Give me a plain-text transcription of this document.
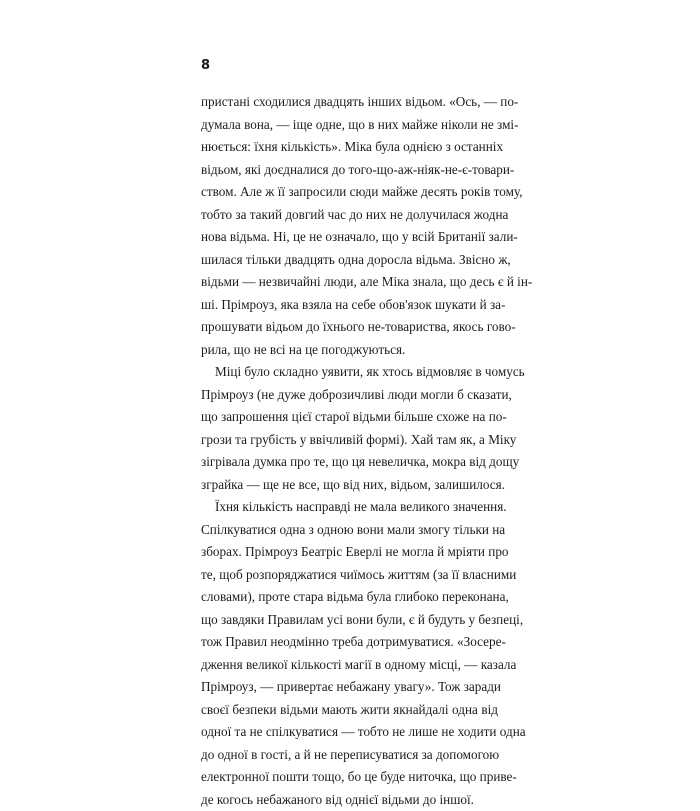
8
пристані сходилися двадцять інших відьом. «Ось, — по-
думала вона, — іще одне, що в них майже ніколи не змі-
нюється: їхня кількість». Міка була однією з останніх
відьом, які доєдналися до того-що-аж-ніяк-не-є-товари-
ством. Але ж її запросили сюди майже десять років тому,
тобто за такий довгий час до них не долучилася жодна
нова відьма. Ні, це не означало, що у всій Британії зали-
шилася тільки двадцять одна доросла відьма. Звісно ж,
відьми — незвичайні люди, але Міка знала, що десь є й ін-
ші. Прімроуз, яка взяла на себе обов'язок шукати й за-
прошувати відьом до їхнього не-товариства, якось гово-
рила, що не всі на це погоджуються.
Міці було складно уявити, як хтось відмовляє в чомусь
Прімроуз (не дуже доброзичливі люди могли б сказати,
що запрошення цієї старої відьми більше схоже на по-
грози та грубість у ввічливій формі). Хай там як, а Міку
зігрівала думка про те, що ця невеличка, мокра від дощу
зграйка — ще не все, що від них, відьом, залишилося.
Їхня кількість насправді не мала великого значення.
Спілкуватися одна з одною вони мали змогу тільки на
зборах. Прімроуз Беатріс Еверлі не могла й мріяти про
те, щоб розпоряджатися чиїмось життям (за її власними
словами), проте стара відьма була глибоко переконана,
що завдяки Правилам усі вони були, є й будуть у безпеці,
тож Правил неодмінно треба дотримуватися. «Зосере-
дження великої кількості магії в одному місці, — казала
Прімроуз, — привертає небажану увагу». Тож заради
своєї безпеки відьми мають жити якнайдалі одна від
одної та не спілкуватися — тобто не лише не ходити одна
до одної в гості, а й не переписуватися за допомогою
електронної пошти тощо, бо це буде ниточка, що приве-
де когось небажаного від однієї відьми до іншої.
